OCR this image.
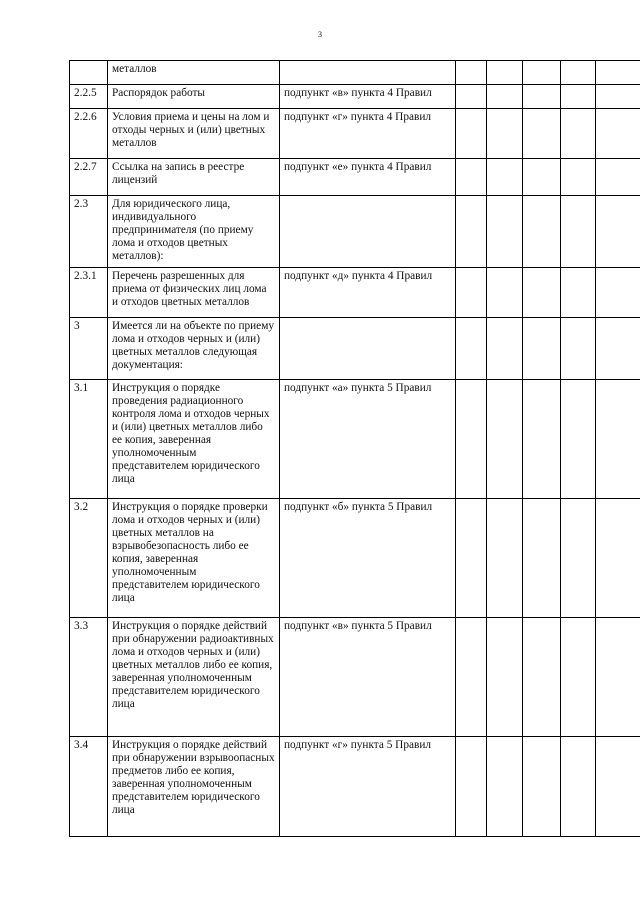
3
	металлов						
2.2.5	Распорядок работы	подпункт «в» пункта 4 Правил					
2.2.6	Условия приема и цены на лом и отходы черных и (или) цветных металлов	подпункт «г» пункта 4 Правил					
2.2.7	Ссылка на запись в реестре лицензий	подпункт «е» пункта 4 Правил					
2.3	Для юридического лица, индивидуального предпринимателя (по приему лома и отходов цветных металлов):						
2.3.1	Перечень разрешенных для приема от физических лиц лома и отходов цветных металлов	подпункт «д» пункта 4 Правил					
3	Имеется ли на объекте по приему лома и отходов черных и (или) цветных металлов следующая документация:						
3.1	Инструкция о порядке проведения радиационного контроля лома и отходов черных и (или) цветных металлов либо ее копия, заверенная уполномоченным представителем юридического лица	подпункт «а» пункта 5 Правил					
3.2	Инструкция о порядке проверки лома и отходов черных и (или) цветных металлов на взрывобезопасность либо ее копия, заверенная уполномоченным представителем юридического лица	подпункт «б» пункта 5 Правил					
3.3	Инструкция о порядке действий при обнаружении радиоактивных лома и отходов черных и (или) цветных металлов либо ее копия, заверенная уполномоченным представителем юридического лица	подпункт «в» пункта 5 Правил					
3.4	Инструкция о порядке действий при обнаружении взрывоопасных предметов либо ее копия, заверенная уполномоченным представителем юридического лица	подпункт «г» пункта 5 Правил					
